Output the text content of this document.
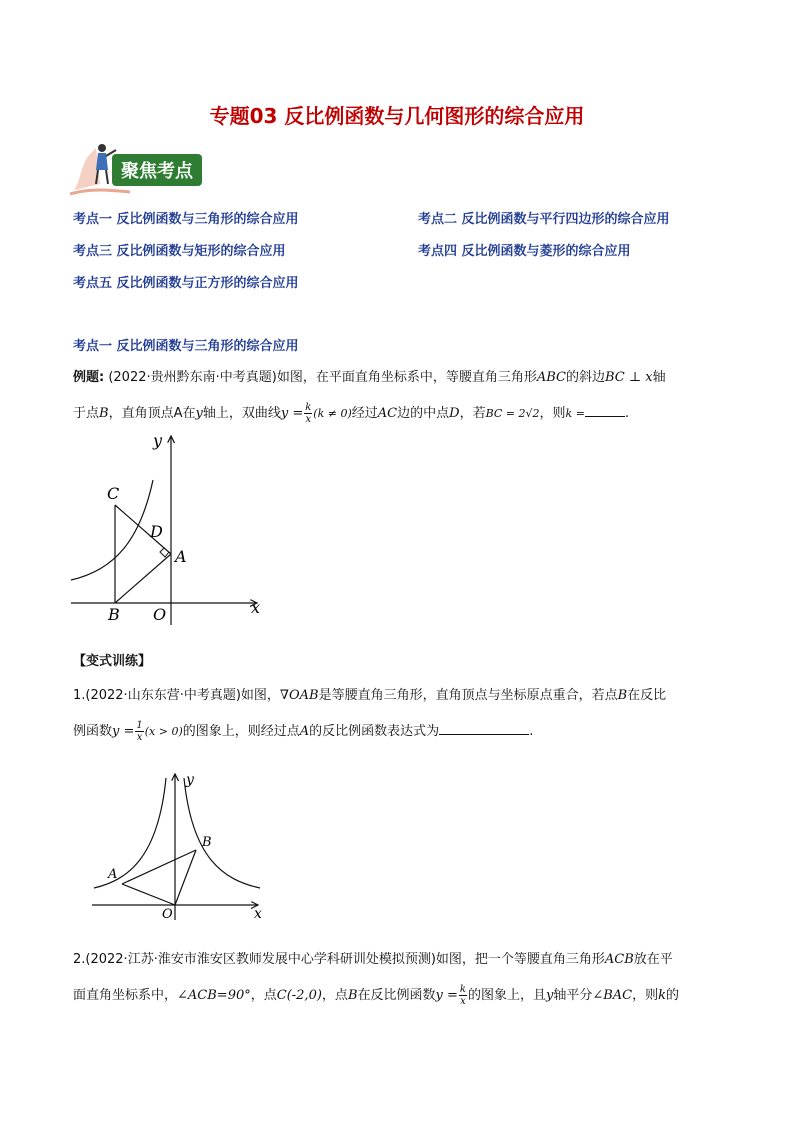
专题03 反比例函数与几何图形的综合应用
聚焦考点
考点一 反比例函数与三角形的综合应用	考点二 反比例函数与平行四边形的综合应用
考点三 反比例函数与矩形的综合应用	考点四 反比例函数与菱形的综合应用
考点五 反比例函数与正方形的综合应用
考点一 反比例函数与三角形的综合应用
例题: (2022·贵州黔东南·中考真题)如图，在平面直角坐标系中，等腰直角三角形ABC的斜边BC ⊥ x轴
于点B，直角顶点A在y轴上，双曲线$y = \frac{k}{x} (k \ne 0)$经过AC边的中点D，若BC = 2√2，则k =	.
y
x
C
D
A
B O
【变式训练】
1.(2022·山东东营·中考真题)如图，∇OAB是等腰直角三角形，直角顶点与坐标原点重合，若点B在反比
例函数$y = \frac{1}{x} (x > 0)$的图象上，则经过点A的反比例函数表达式为	.
y
x
A
B
O
2.(2022·江苏·淮安市淮安区教师发展中心学科研训处模拟预测)如图，把一个等腰直角三角形ACB放在平
面直角坐标系中，∠ACB=90°，点C(-2,0)，点B在反比例函数$y = \frac{k}{x}$ 的图象上，且y轴平分∠BAC，则k的
